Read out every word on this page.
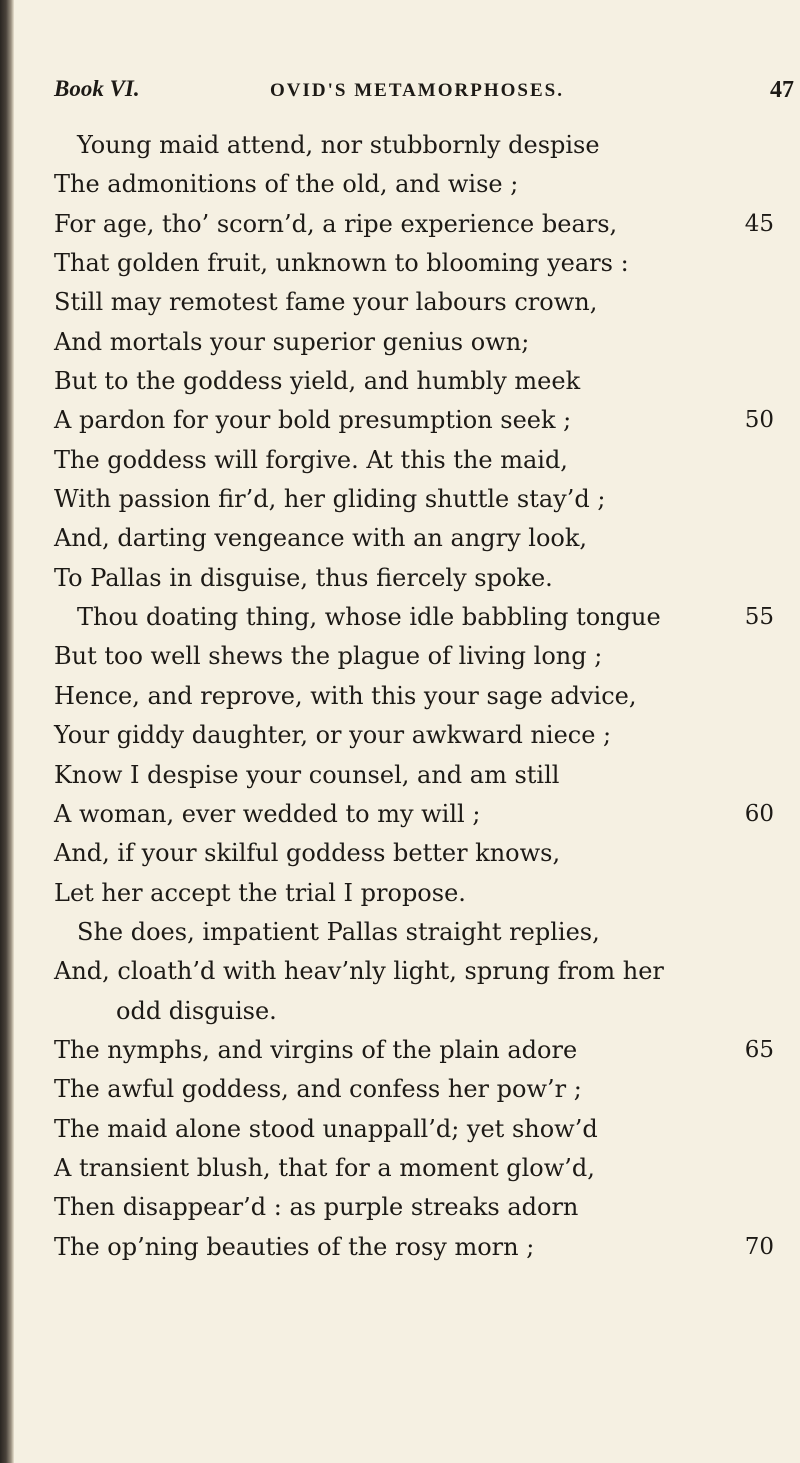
Book VI.	OVID'S METAMORPHOSES.	47
Young maid attend, nor stubbornly despise
The admonitions of the old, and wise ;
For age, tho’ scorn’d, a ripe experience bears,	45
That golden fruit, unknown to blooming years :
Still may remotest fame your labours crown,
And mortals your superior genius own;
But to the goddess yield, and humbly meek
A pardon for your bold presumption seek ;	50
The goddess will forgive. At this the maid,
With passion fir’d, her gliding shuttle stay’d ;
And, darting vengeance with an angry look,
To Pallas in disguise, thus fiercely spoke.
Thou doating thing, whose idle babbling tongue	55
But too well shews the plague of living long ;
Hence, and reprove, with this your sage advice,
Your giddy daughter, or your awkward niece ;
Know I despise your counsel, and am still
A woman, ever wedded to my will ;	60
And, if your skilful goddess better knows,
Let her accept the trial I propose.
She does, impatient Pallas straight replies,
And, cloath’d with heav’nly light, sprung from her
odd disguise.
The nymphs, and virgins of the plain adore	65
The awful goddess, and confess her pow’r ;
The maid alone stood unappall’d; yet show’d
A transient blush, that for a moment glow’d,
Then disappear’d : as purple streaks adorn
The op’ning beauties of the rosy morn ;	70
